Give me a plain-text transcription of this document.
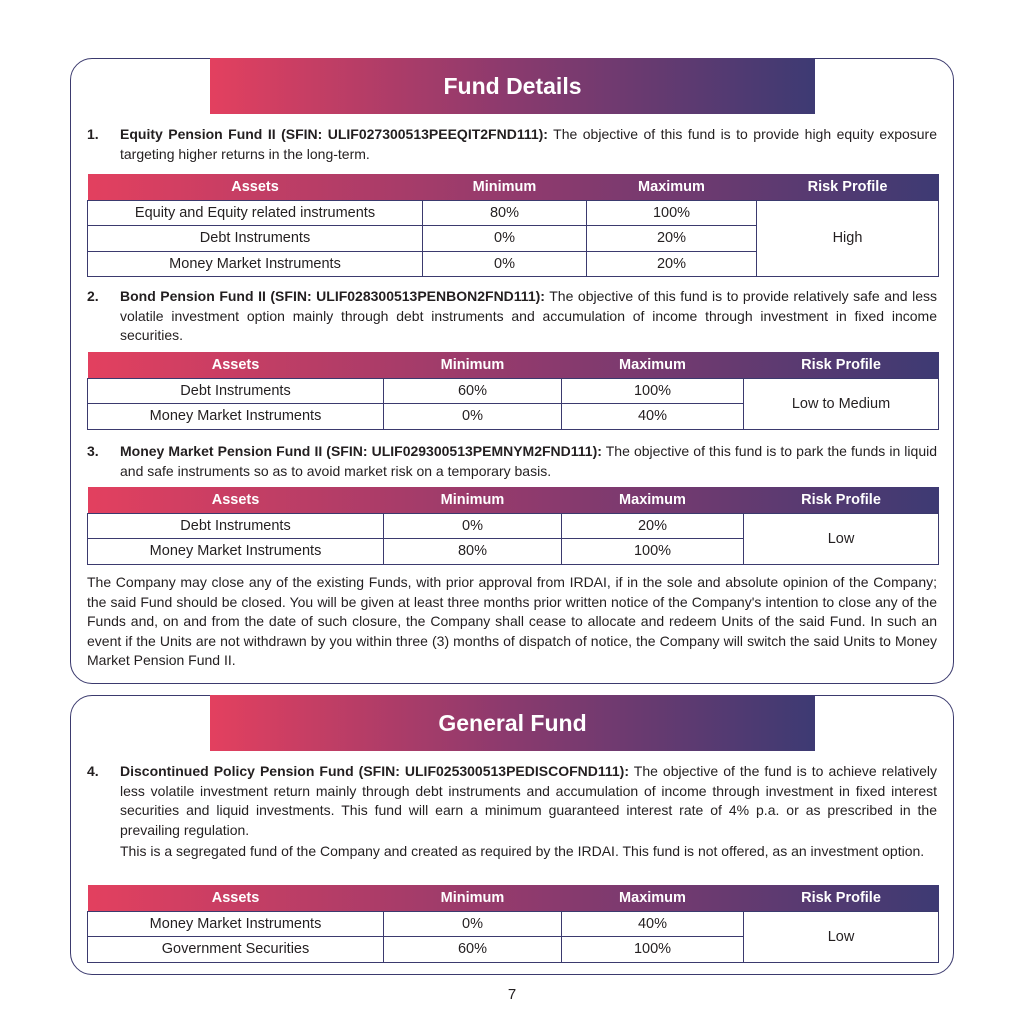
Fund Details
1.	Equity Pension Fund II (SFIN: ULIF027300513PEEQIT2FND111): The objective of this fund is to provide high equity exposure targeting higher returns in the long-term.
Assets	Minimum	Maximum	Risk Profile
Equity and Equity related instruments	80%	100%	High
Debt Instruments	0%	20%	
Money Market Instruments	0%	20%	
2.	Bond Pension Fund II (SFIN: ULIF028300513PENBON2FND111): The objective of this fund is to provide relatively safe and less volatile investment option mainly through debt instruments and accumulation of income through investment in fixed income securities.
Assets	Minimum	Maximum	Risk Profile
Debt Instruments	60%	100%	Low to Medium
Money Market Instruments	0%	40%	
3.	Money Market Pension Fund II (SFIN: ULIF029300513PEMNYM2FND111): The objective of this fund is to park the funds in liquid and safe instruments so as to avoid market risk on a temporary basis.
Assets	Minimum	Maximum	Risk Profile
Debt Instruments	0%	20%	Low
Money Market Instruments	80%	100%	

The Company may close any of the existing Funds, with prior approval from IRDAI, if in the sole and absolute opinion of the Company; the said Fund should be closed. You will be given at least three months prior written notice of the Company's intention to close any of the Funds and, on and from the date of such closure, the Company shall cease to allocate and redeem Units of the said Fund. In such an event if the Units are not withdrawn by you within three (3) months of dispatch of notice, the Company will switch the said Units to Money Market Pension Fund II.

General Fund
4.	Discontinued Policy Pension Fund (SFIN: ULIF025300513PEDISCOFND111): The objective of the fund is to achieve relatively less volatile investment return mainly through debt instruments and accumulation of income through investment in fixed interest securities and liquid investments. This fund will earn a minimum guaranteed interest rate of 4% p.a. or as prescribed in the prevailing regulation.
This is a segregated fund of the Company and created as required by the IRDAI. This fund is not offered, as an investment option.
Assets	Minimum	Maximum	Risk Profile
Money Market Instruments	0%	40%	Low
Government Securities	60%	100%	
7
